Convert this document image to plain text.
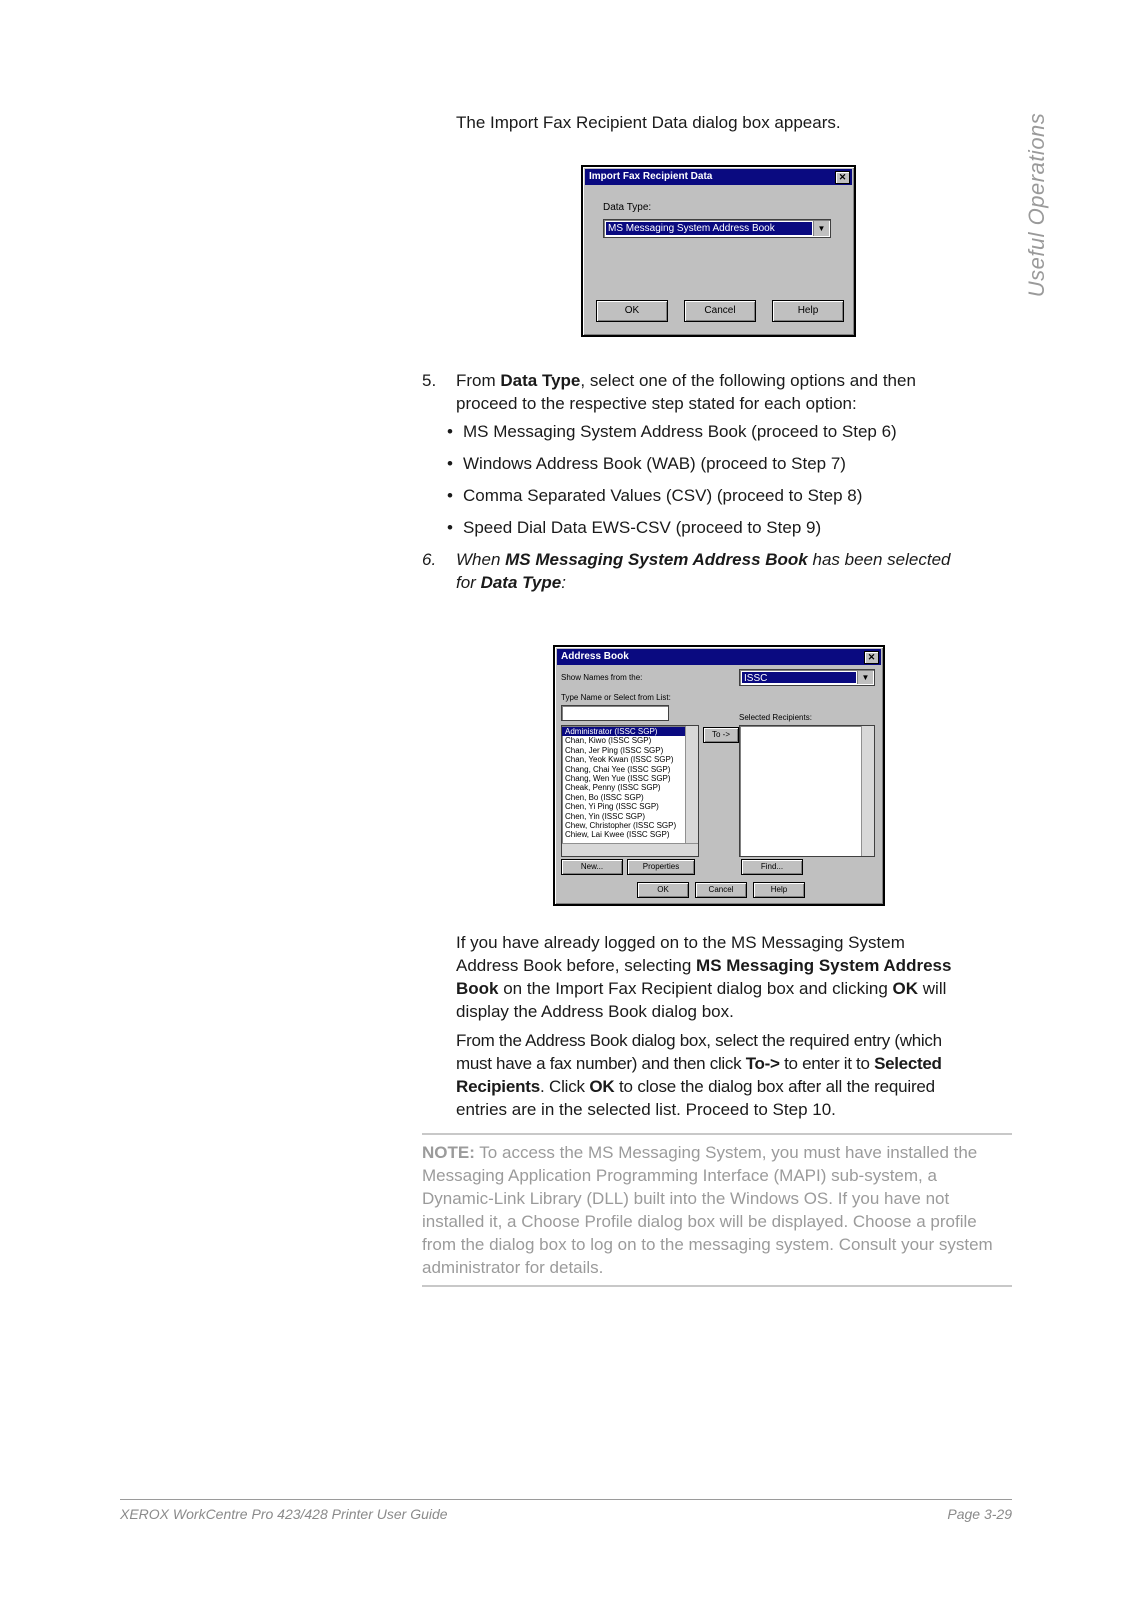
Useful Operations
The Import Fax Recipient Data dialog box appears.
Import Fax Recipient Data	✕
Data Type:
MS Messaging System Address Book	▼
OK	Cancel	Help
5. From Data Type, select one of the following options and then
proceed to the respective step stated for each option:
• MS Messaging System Address Book (proceed to Step 6)
• Windows Address Book (WAB) (proceed to Step 7)
• Comma Separated Values (CSV) (proceed to Step 8)
• Speed Dial Data EWS-CSV (proceed to Step 9)
6. When MS Messaging System Address Book has been selected
for Data Type:
Address Book	✕
Show Names from the:	ISSC	▼
Type Name or Select from List:
Selected Recipients:
Administrator (ISSC SGP)
Chan, Kiwo (ISSC SGP)
Chan, Jer Ping (ISSC SGP)
Chan, Yeok Kwan (ISSC SGP)
Chang, Chai Yee (ISSC SGP)
Chang, Wen Yue (ISSC SGP)
Cheak, Penny (ISSC SGP)
Chen, Bo (ISSC SGP)
Chen, Yi Ping (ISSC SGP)
Chen, Yin (ISSC SGP)
Chew, Christopher (ISSC SGP)
Chiew, Lai Kwee (ISSC SGP)
To ->
New...	Properties	Find...
OK	Cancel	Help
If you have already logged on to the MS Messaging System
Address Book before, selecting MS Messaging System Address
Book on the Import Fax Recipient dialog box and clicking OK will
display the Address Book dialog box.
From the Address Book dialog box, select the required entry (which
must have a fax number) and then click To-> to enter it to Selected
Recipients. Click OK to close the dialog box after all the required
entries are in the selected list. Proceed to Step 10.
NOTE: To access the MS Messaging System, you must have installed the Messaging Application Programming Interface (MAPI) sub-system, a Dynamic-Link Library (DLL) built into the Windows OS. If you have not installed it, a Choose Profile dialog box will be displayed. Choose a profile from the dialog box to log on to the messaging system. Consult your system administrator for details.
XEROX WorkCentre Pro 423/428 Printer User Guide	Page 3-29
